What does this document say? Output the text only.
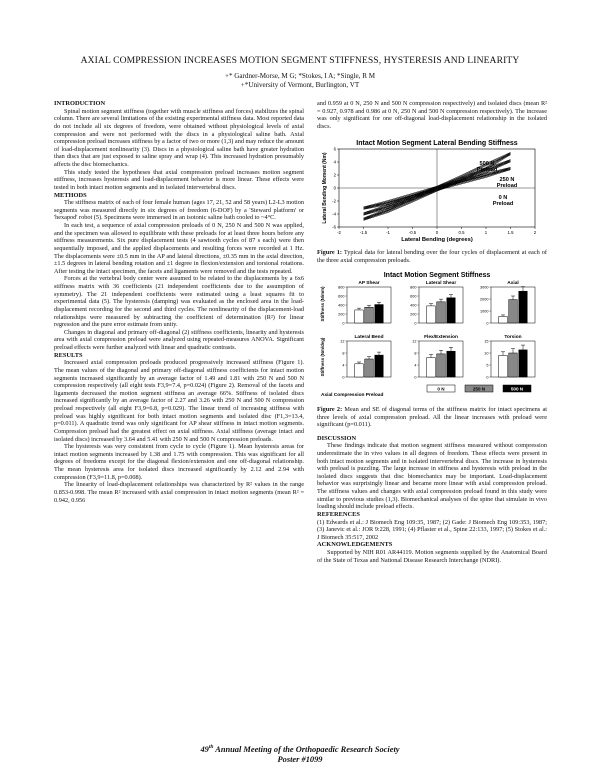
AXIAL COMPRESSION INCREASES MOTION SEGMENT STIFFNESS, HYSTERESIS AND LINEARITY
+* Gardner-Morse, M G; *Stokes, I A; *Single, R M
+*University of Vermont, Burlington, VT
INTRODUCTION

Spinal motion segment stiffness (together with muscle stiffness and forces) stabilizes the spinal column. There are several limitations of the existing experimental stiffness data. Most reported data do not include all six degrees of freedom, were obtained without physiological levels of axial compression and were not performed with the discs in a physiological saline bath. Axial compression preload increases stiffness by a factor of two or more (1,3) and may reduce the amount of load-displacement nonlinearity (3). Discs in a physiological saline bath have greater hydration than discs that are just exposed to saline spray and wrap (4). This increased hydration presumably affects the disc biomechanics.

This study tested the hypotheses that axial compression preload increases motion segment stiffness, increases hysteresis and load-displacement behavior is more linear. These effects were tested in both intact motion segments and in isolated intervertebral discs.

METHODS

The stiffness matrix of each of four female human (ages 17, 21, 52 and 58 years) L2-L3 motion segments was measured directly in six degrees of freedom (6-DOF) by a 'Steward platform' or 'hexapod' robot (5). Specimens were immersed in an isotonic saline bath cooled to ~4°C.

In each test, a sequence of axial compression preloads of 0 N, 250 N and 500 N was applied, and the specimen was allowed to equilibrate with these preloads for at least three hours before any stiffness measurements. Six pure displacement tests (4 sawtooth cycles of 87 s each) were then sequentially imposed, and the applied displacements and resulting forces were recorded at 1 Hz. The displacements were ±0.5 mm in the AP and lateral directions, ±0.35 mm in the axial direction, ±1.5 degrees in lateral bending rotation and ±1 degree in flexion/extension and torsional rotations. After testing the intact specimen, the facets and ligaments were removed and the tests repeated.

Forces at the vertebral body center were assumed to be related to the displacements by a 6x6 stiffness matrix with 36 coefficients (21 independent coefficients due to the assumption of symmetry). The 21 independent coefficients were estimated using a least squares fit to experimental data (5). The hysteresis (damping) was evaluated as the enclosed area in the load-displacement recording for the second and third cycles. The nonlinearity of the displacement-load relationships were measured by subtracting the coefficient of determination (R²) for linear regression and the pure error estimate from unity.

Changes in diagonal and primary off-diagonal (2) stiffness coefficients, linearity and hysteresis area with axial compression preload were analyzed using repeated-measures ANOVA. Significant preload effects were further analyzed with linear and quadratic contrasts.

RESULTS

Increased axial compression preloads produced progressively increased stiffness (Figure 1). The mean values of the diagonal and primary off-diagonal stiffness coefficients for intact motion segments increased significantly by an average factor of 1.49 and 1.81 with 250 N and 500 N compression respectively (all eight tests F3,9=7.4, p=0.024) (Figure 2). Removal of the facets and ligaments decreased the motion segment stiffness an average 66%. Stiffness of isolated discs increased significantly by an average factor of 2.27 and 3.26 with 250 N and 500 N compression preload respectively (all eight F3,9=6.8, p=0.029). The linear trend of increasing stiffness with preload was highly significant for both intact motion segments and isolated disc (F1,3=13.4, p=0.011). A quadratic trend was only significant for AP shear stiffness in intact motion segments. Compression preload had the greatest effect on axial stiffness. Axial stiffness (average intact and isolated discs) increased by 3.64 and 5.41 with 250 N and 500 N compression preloads.

The hysteresis was very consistent from cycle to cycle (Figure 1). Mean hysteresis areas for intact motion segments increased by 1.38 and 1.75 with compression. This was significant for all degrees of freedoms except for the diagonal flexion/extension and one off-diagonal relationship. The mean hysteresis area for isolated discs increased significantly by 2.12 and 2.94 with compression (F3,9=11.8, p=0.008).

The linearity of load-displacement relationships was characterized by R² values in the range 0.853-0.998. The mean R² increased with axial compression in intact motion segments (mean R² = 0.942, 0.956

and 0.959 at 0 N, 250 N and 500 N compression respectively) and isolated discs (mean R² = 0.927, 0.978 and 0.986 at 0 N, 250 N and 500 N compression respectively). The increase was only significant for one off-diagonal load-displacement relationship in the isolated discs.

Intact Motion Segment Lateral Bending Stiffness
-2	-1.5	-1	-0.5	0	0.5	1	1.5	2
-6
-4
-2
0
2
4
6
Lateral Bending (degrees)
Lateral Bending Moment (Nm)	500 N Preload
250 N Preload
0 N Preload
Figure 1: Typical data for lateral bending over the four cycles of displacement at each of the three axial compression preloads.
Intact Motion Segment Stiffness
Stiffness (N/mm)
Stiffness (Nm/deg)
AP Shear
0
200
400
600
800
Lateral Shear
0
200
400
600
800
Axial
0
1000
2000
3000
Lateral Bend
0
4
8
12
Flex/Extension
0
4
8
12
Torsion
0
5
10
15
Axial Compression Preload
0 N	250 N	500 N
Figure 2: Mean and SE of diagonal terms of the stiffness matrix for intact specimens at three levels of axial compression preload. All the linear increases with preload were significant (p=0.011).
DISCUSSION

These findings indicate that motion segment stiffness measured without compression underestimate the in vivo values in all degrees of freedom. These effects were present in both intact motion segments and in isolated intervertebral discs. The increase in hysteresis with preload is puzzling. The large increase in stiffness and hysteresis with preload in the isolated discs suggests that disc biomechanics may be important. Load-displacement behavior was surprisingly linear and became more linear with axial compression preload. The stiffness values and changes with axial compression preload found in this study were similar to previous studies (1,3). Biomechanical analyses of the spine that simulate in vivo loading should include preload effects.

REFERENCES

(1) Edwards et al.: J Biomech Eng 109:35, 1987; (2) Gade: J Biomech Eng 109:353, 1987; (3) Janevic et al.: JOR 9:228, 1991; (4) Pflaster et al., Spine 22:133, 1997; (5) Stokes et al.: J Biomech 35:517, 2002

ACKNOWLEDGEMENTS

Supported by NIH R01 AR44119. Motion segments supplied by the Anatomical Board of the State of Texas and National Disease Research Interchange (NDRI).

49th Annual Meeting of the Orthopaedic Research Society
Poster #1099
